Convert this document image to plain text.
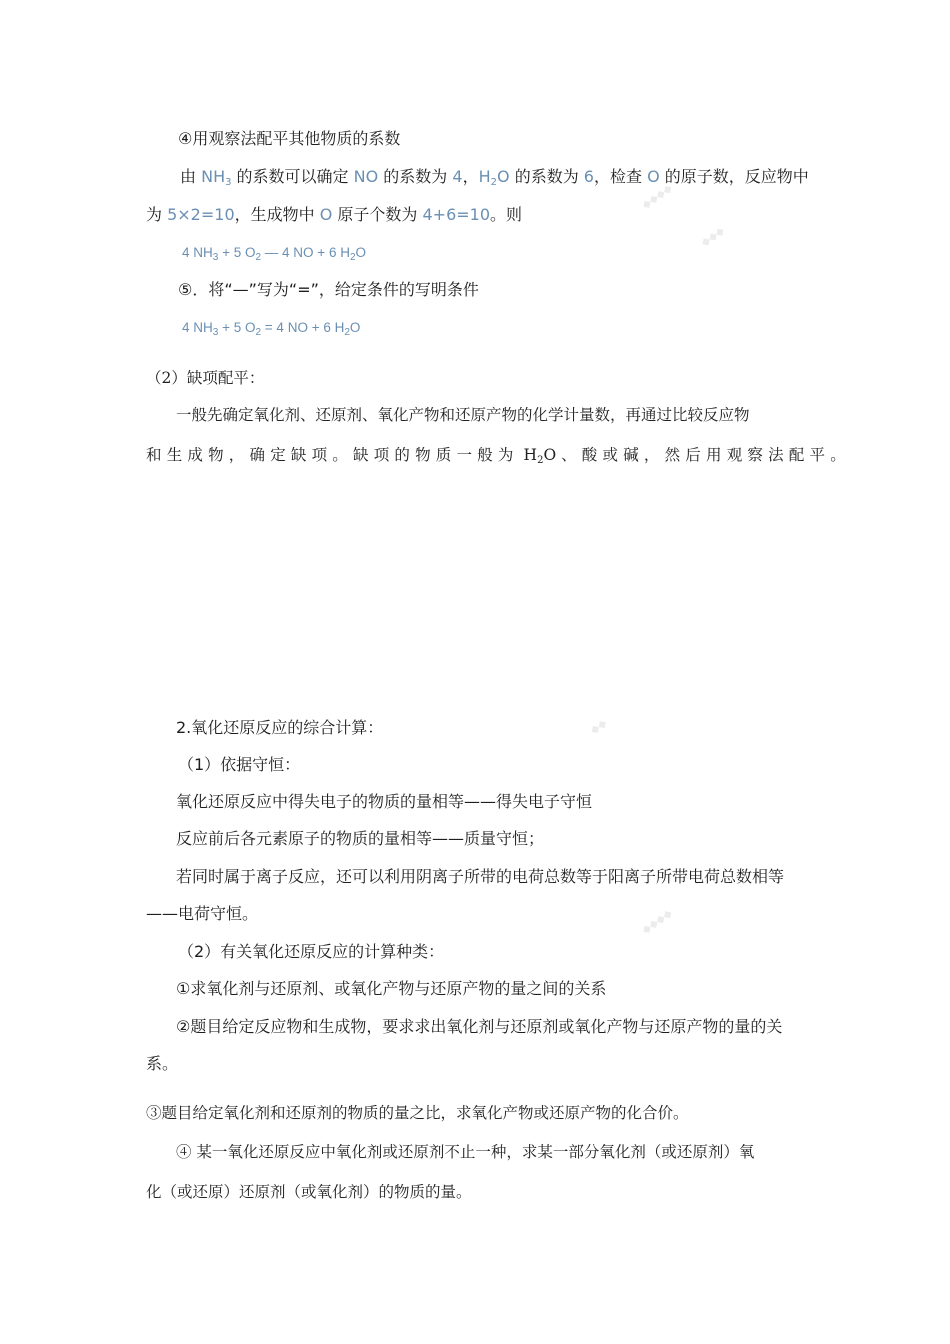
◆◆◆◆
◆◆◆
◆◆◆◆
◆◆
④用观察法配平其他物质的系数
由 $NH_3$ 的系数可以确定 NO 的系数为 4，$H_2O$ 的系数为 6，检查 O 的原子数，反应物中
为 5×2=10，生成物中 O 原子个数为 4+6=10。则
4 $NH_3 + 5$ $O_2$ — 4 NO + 6 $H_2O$
⑤．将“—”写为“=”，给定条件的写明条件
4 $NH_3 + 5$ $O_2 = 4$ NO + 6 $H_2O$
（2）缺项配平：
一般先确定氧化剂、还原剂、氧化产物和还原产物的化学计量数，再通过比较反应物
和生成物，确定缺项。缺项的物质一般为 $H_2O$ 、酸或碱，然后用观察法配平。
2.氧化还原反应的综合计算：
（1）依据守恒：
氧化还原反应中得失电子的物质的量相等——得失电子守恒
反应前后各元素原子的物质的量相等——质量守恒；
若同时属于离子反应，还可以利用阴离子所带的电荷总数等于阳离子所带电荷总数相等
——电荷守恒。
（2）有关氧化还原反应的计算种类：
①求氧化剂与还原剂、或氧化产物与还原产物的量之间的关系
②题目给定反应物和生成物，要求求出氧化剂与还原剂或氧化产物与还原产物的量的关
系。
③题目给定氧化剂和还原剂的物质的量之比，求氧化产物或还原产物的化合价。
④ 某一氧化还原反应中氧化剂或还原剂不止一种，求某一部分氧化剂（或还原剂）氧
化（或还原）还原剂（或氧化剂）的物质的量。
